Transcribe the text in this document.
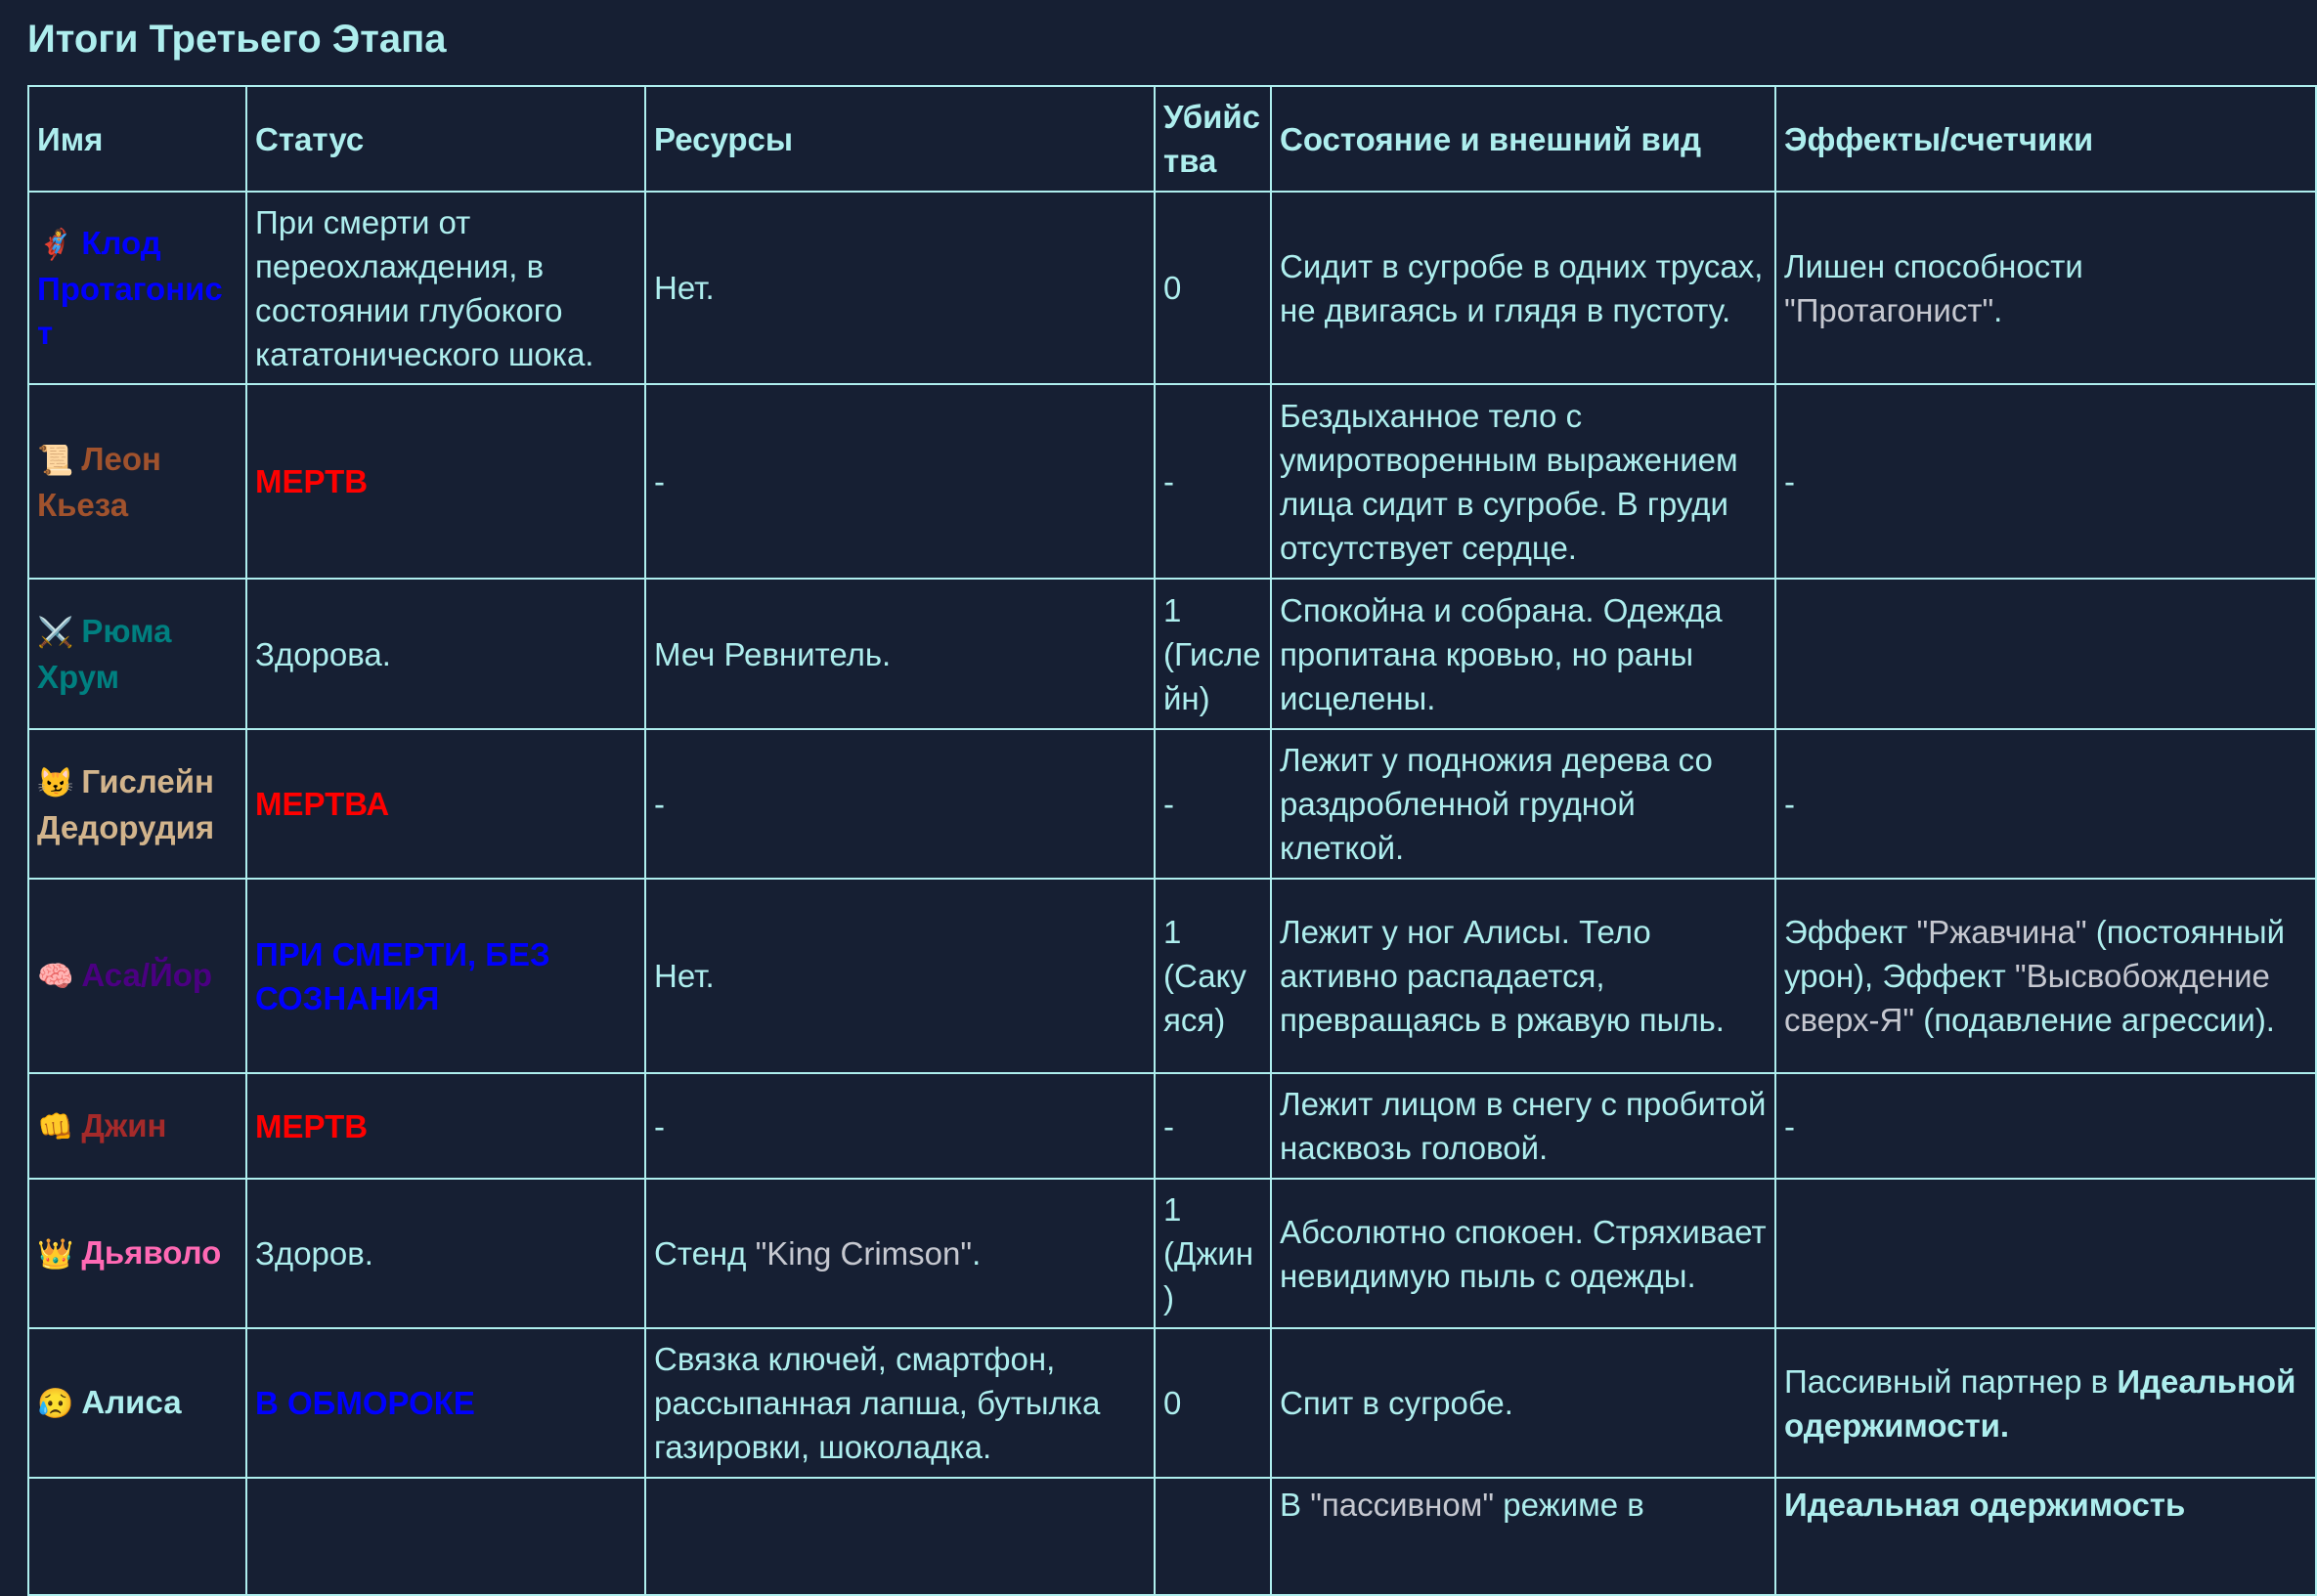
Итоги Третьего Этапа
Имя	Статус	Ресурсы	Убийства	Состояние и внешний вид	Эффекты/счетчики
🦸‍♀️ Клод Протагонист	При смерти от переохлаждения, в состоянии глубокого кататонического шока.	Нет.	0	Сидит в сугробе в одних трусах, не двигаясь и глядя в пустоту.	Лишен способности "Протагонист".
📜 Леон Кьеза	МЕРТВ	-	-	Бездыханное тело с умиротворенным выражением лица сидит в сугробе. В груди отсутствует сердце.	-
⚔️ Рюма Хрум	Здорова.	Меч Ревнитель.	1 (Гислейн)	Спокойна и собрана. Одежда пропитана кровью, но раны исцелены.	
😼 Гислейн Дедорудия	МЕРТВА	-	-	Лежит у подножия дерева со раздробленной грудной клеткой.	-
🧠 Аса/Йор	ПРИ СМЕРТИ, БЕЗ СОЗНАНИЯ	Нет.	1 (Сакуяся)	Лежит у ног Алисы. Тело активно распадается, превращаясь в ржавую пыль.	Эффект "Ржавчина" (постоянный урон), Эффект "Высвобождение сверх-Я" (подавление агрессии).
👊 Джин	МЕРТВ	-	-	Лежит лицом в снегу с пробитой насквозь головой.	-
👑 Дьяволо	Здоров.	Стенд "King Crimson".	1 (Джин)	Абсолютно спокоен. Стряхивает невидимую пыль с одежды.	
😥 Алиса	В ОБМОРОКЕ	Связка ключей, смартфон, рассыпанная лапша, бутылка газировки, шоколадка.	0	Спит в сугробе.	Пассивный партнер в Идеальной одержимости.
				В "пассивном" режиме в	Идеальная одержимость
